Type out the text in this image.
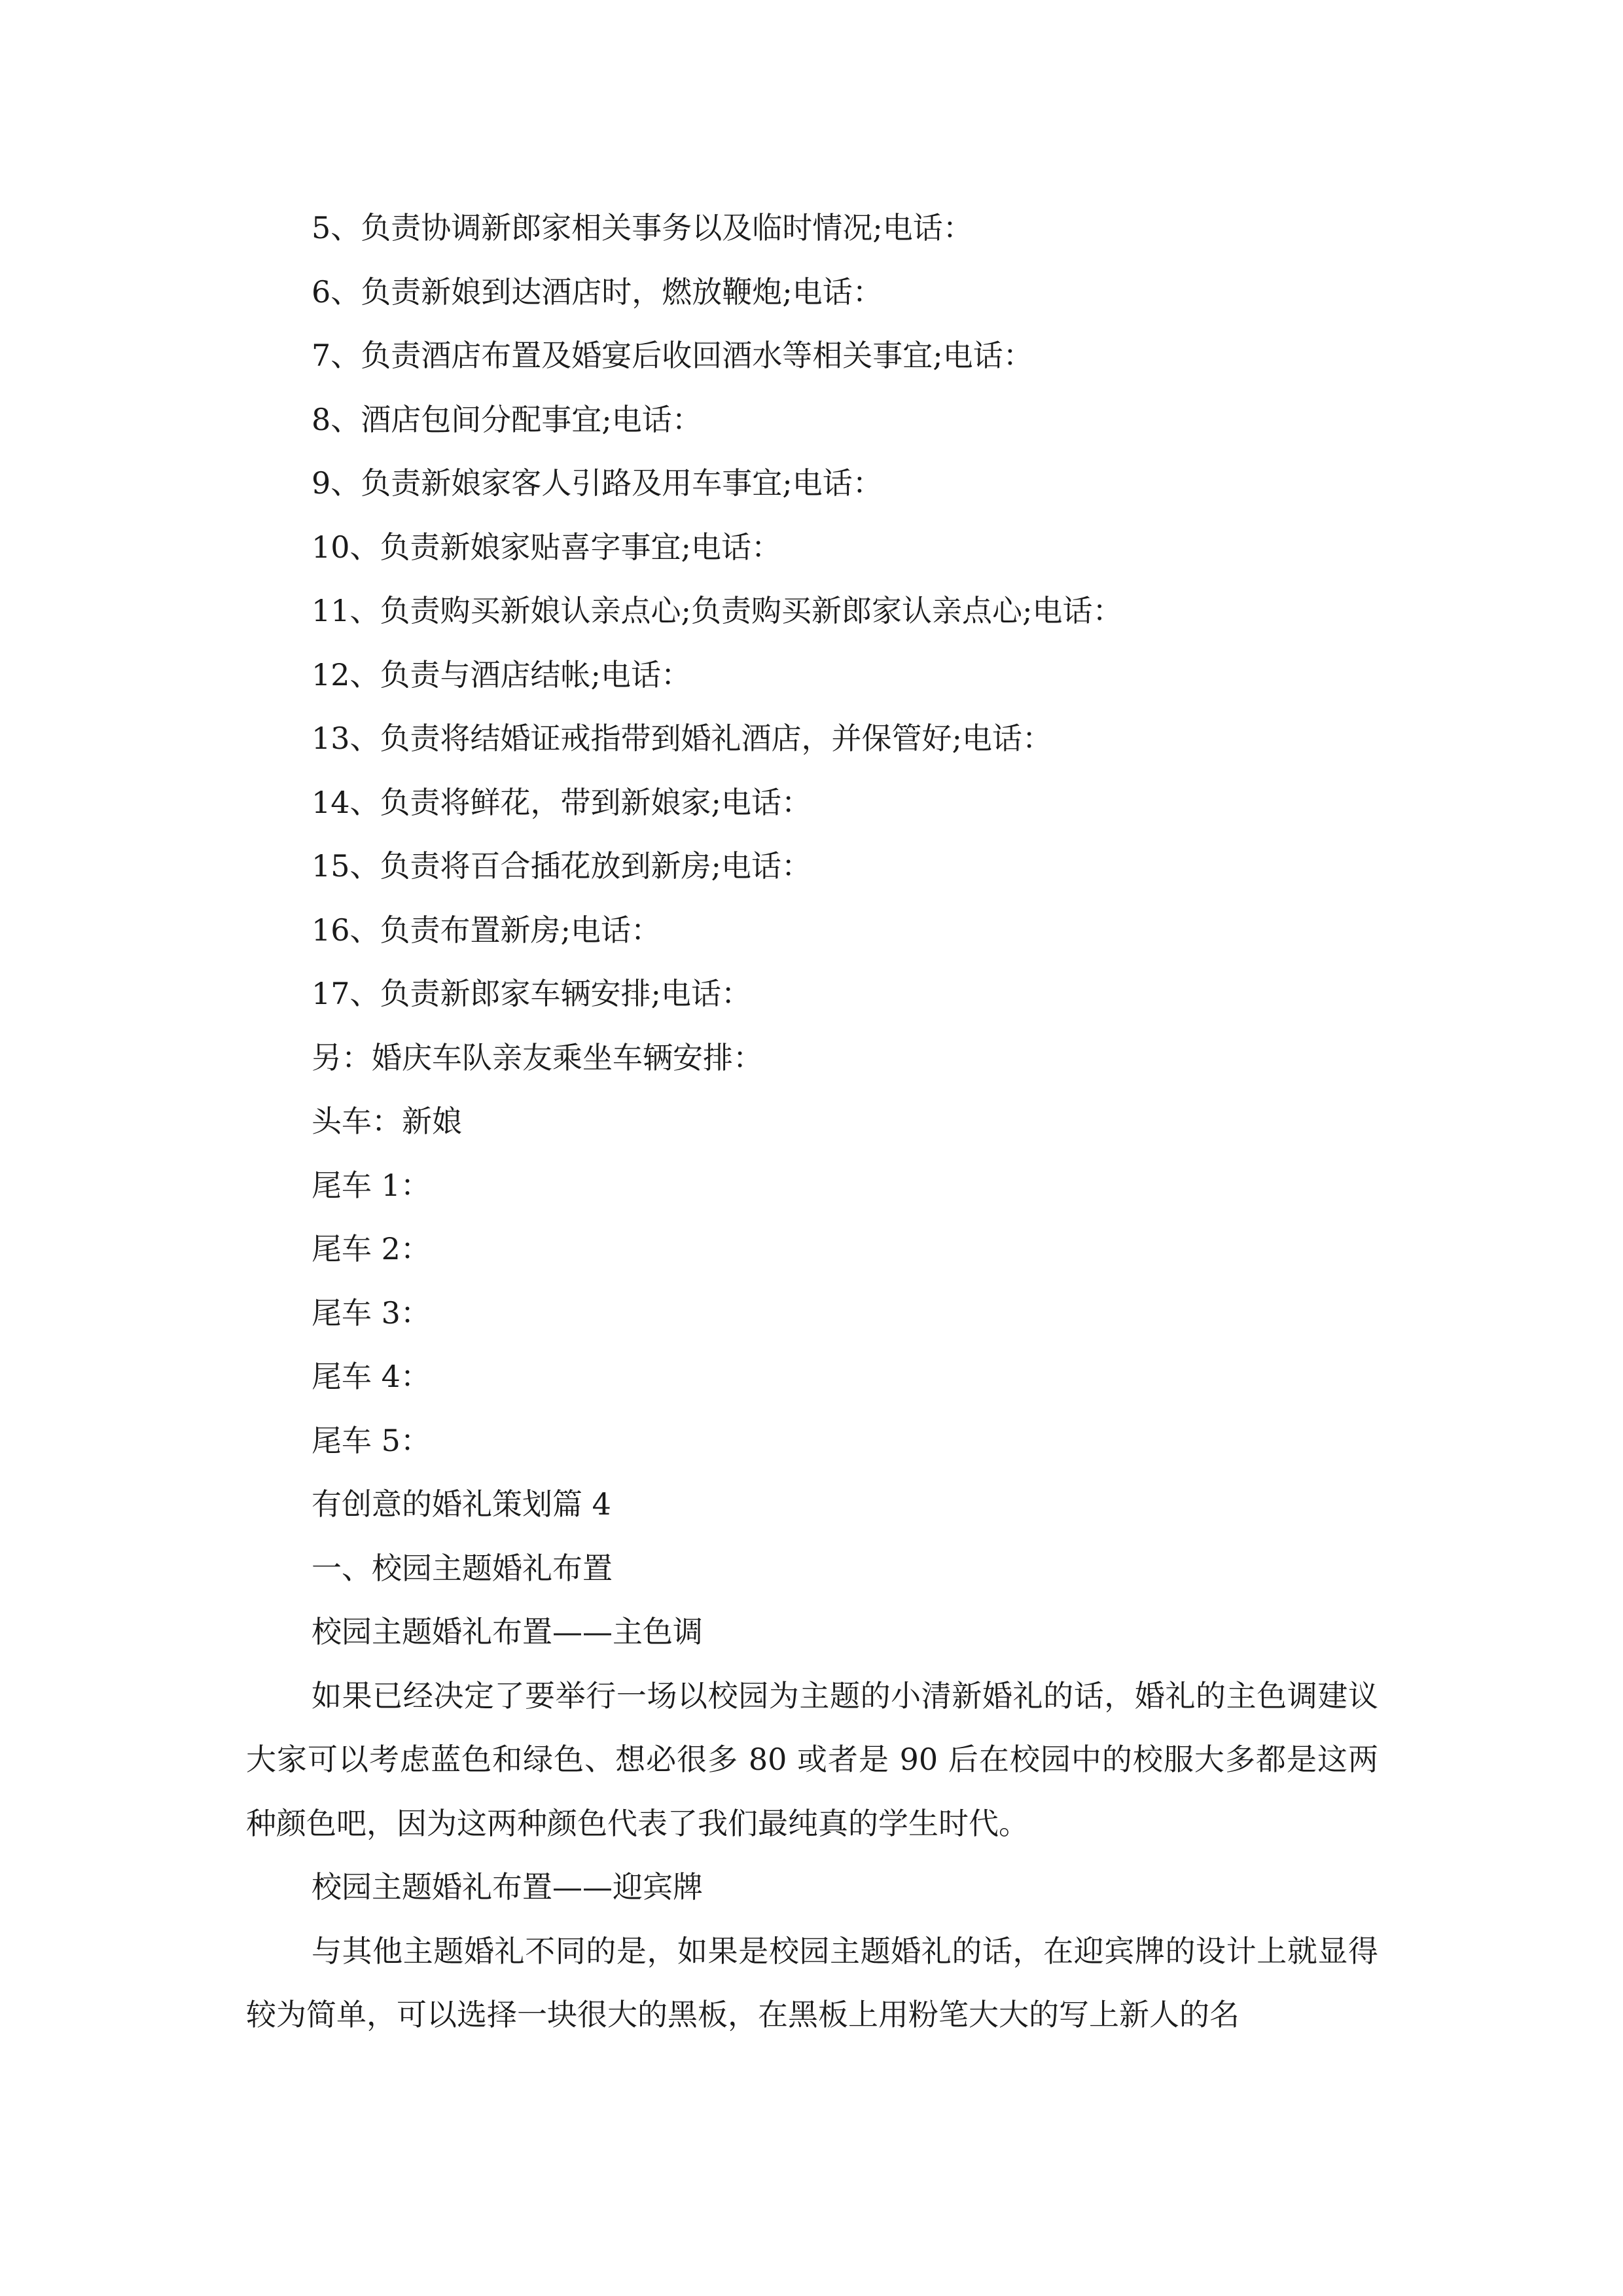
5、负责协调新郎家相关事务以及临时情况;电话：

6、负责新娘到达酒店时，燃放鞭炮;电话：

7、负责酒店布置及婚宴后收回酒水等相关事宜;电话：

8、酒店包间分配事宜;电话：

9、负责新娘家客人引路及用车事宜;电话：

10、负责新娘家贴喜字事宜;电话：

11、负责购买新娘认亲点心;负责购买新郎家认亲点心;电话：

12、负责与酒店结帐;电话：

13、负责将结婚证戒指带到婚礼酒店，并保管好;电话：

14、负责将鲜花，带到新娘家;电话：

15、负责将百合插花放到新房;电话：

16、负责布置新房;电话：

17、负责新郎家车辆安排;电话：

另：婚庆车队亲友乘坐车辆安排：

头车：新娘

尾车 1：

尾车 2：

尾车 3：

尾车 4：

尾车 5：

有创意的婚礼策划篇 4

一、校园主题婚礼布置

校园主题婚礼布置——主色调

如果已经决定了要举行一场以校园为主题的小清新婚礼的话，婚礼的主色调建议大家可以考虑蓝色和绿色、想必很多 80 或者是 90 后在校园中的校服大多都是这两种颜色吧，因为这两种颜色代表了我们最纯真的学生时代。

校园主题婚礼布置——迎宾牌

与其他主题婚礼不同的是，如果是校园主题婚礼的话，在迎宾牌的设计上就显得较为简单，可以选择一块很大的黑板，在黑板上用粉笔大大的写上新人的名
